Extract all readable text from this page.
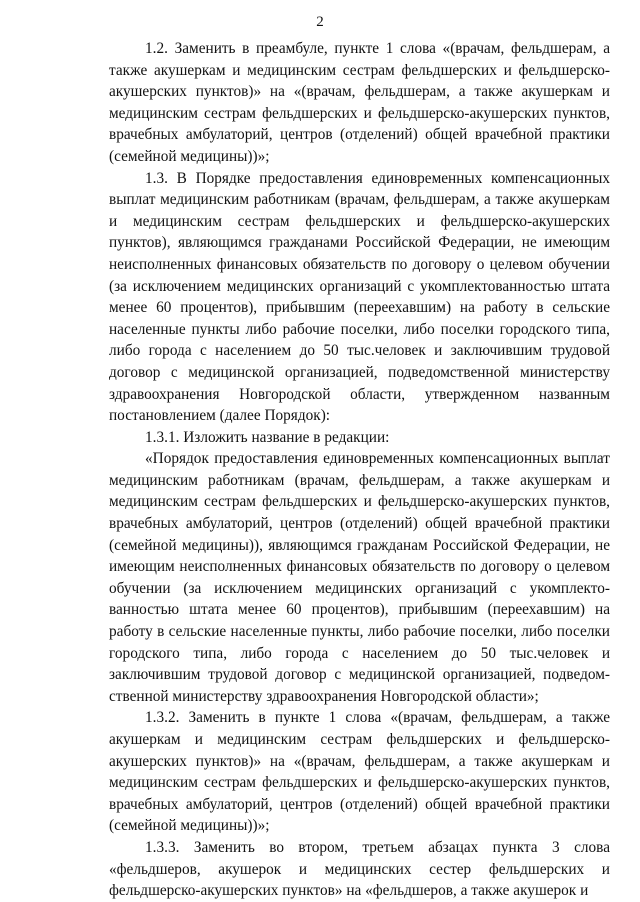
2

1.2. Заменить в преамбуле, пункте 1 слова «(врачам, фельдшерам, а также акушеркам и медицинским сестрам фельдшерских и фельдшерско-акушерских пунктов)» на «(врачам, фельдшерам, а также акушеркам и медицинским сестрам фельдшерских и фельдшерско-акушерских пунктов, врачебных амбулаторий, центров (отделений) общей врачебной практики (семейной медицины))»;

1.3. В Порядке предоставления единовременных компенсационных выплат медицинским работникам (врачам, фельдшерам, а также акушеркам и медицинским сестрам фельдшерских и фельдшерско-акушерских пунктов), являющимся гражданами Российской Федерации, не имеющим неисполненных финансовых обязательств по договору о целевом обучении (за исключением медицинских организаций с укомплектованностью штата менее 60 процентов), прибывшим (переехавшим) на работу в сельские населенные пункты либо рабочие поселки, либо поселки городского типа, либо города с населением до 50 тыс.человек и заключившим трудовой договор с медицинской организацией, подведомственной министерству здравоохранения Новгородской области, утвержденном названным постановлением (далее Порядок):

1.3.1. Изложить название в редакции:

«Порядок предоставления единовременных компенсационных выплат медицинским работникам (врачам, фельдшерам, а также акушеркам и медицинским сестрам фельдшерских и фельдшерско-акушерских пунктов, врачебных амбулаторий, центров (отделений) общей врачебной практики (семейной медицины)), являющимся гражданам Российской Федерации, не имеющим неисполненных финансовых обязательств по договору о целевом обучении (за исключением медицинских организаций с укомплектованностью штата менее 60 процентов), прибывшим (переехавшим) на работу в сельские населенные пункты, либо рабочие поселки, либо поселки городского типа, либо города с населением до 50 тыс.человек и заключившим трудовой договор с медицинской организацией, подведомственной министерству здравоохранения Новгородской области»;

1.3.2. Заменить в пункте 1 слова «(врачам, фельдшерам, а также акушеркам и медицинским сестрам фельдшерских и фельдшерско-акушерских пунктов)» на «(врачам, фельдшерам, а также акушеркам и медицинским сестрам фельдшерских и фельдшерско-акушерских пунктов, врачебных амбулаторий, центров (отделений) общей врачебной практики (семейной медицины))»;

1.3.3. Заменить во втором, третьем абзацах пункта 3 слова «фельдшеров, акушерок и медицинских сестер фельдшерских и фельдшерско-акушерских пунктов» на «фельдшеров, а также акушерок и
